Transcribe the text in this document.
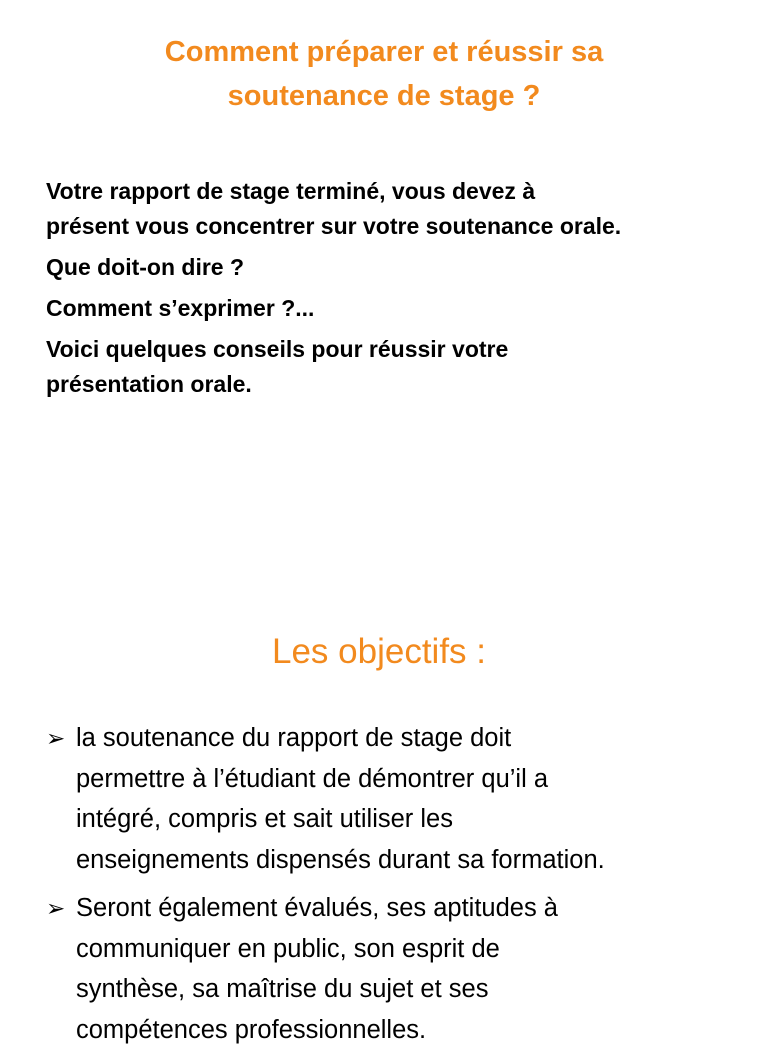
Comment préparer et réussir sa
soutenance de stage ?

Votre rapport de stage terminé, vous devez à
présent vous concentrer sur votre soutenance orale.

Que doit-on dire ?

Comment s’exprimer ?...

Voici quelques conseils pour réussir votre
présentation orale.

Les objectifs :
➢ la soutenance du rapport de stage doit
permettre à l’étudiant de démontrer qu’il a
intégré, compris et sait utiliser les
enseignements dispensés durant sa formation.
➢ Seront également évalués, ses aptitudes à
communiquer en public, son esprit de
synthèse, sa maîtrise du sujet et ses
compétences professionnelles.
